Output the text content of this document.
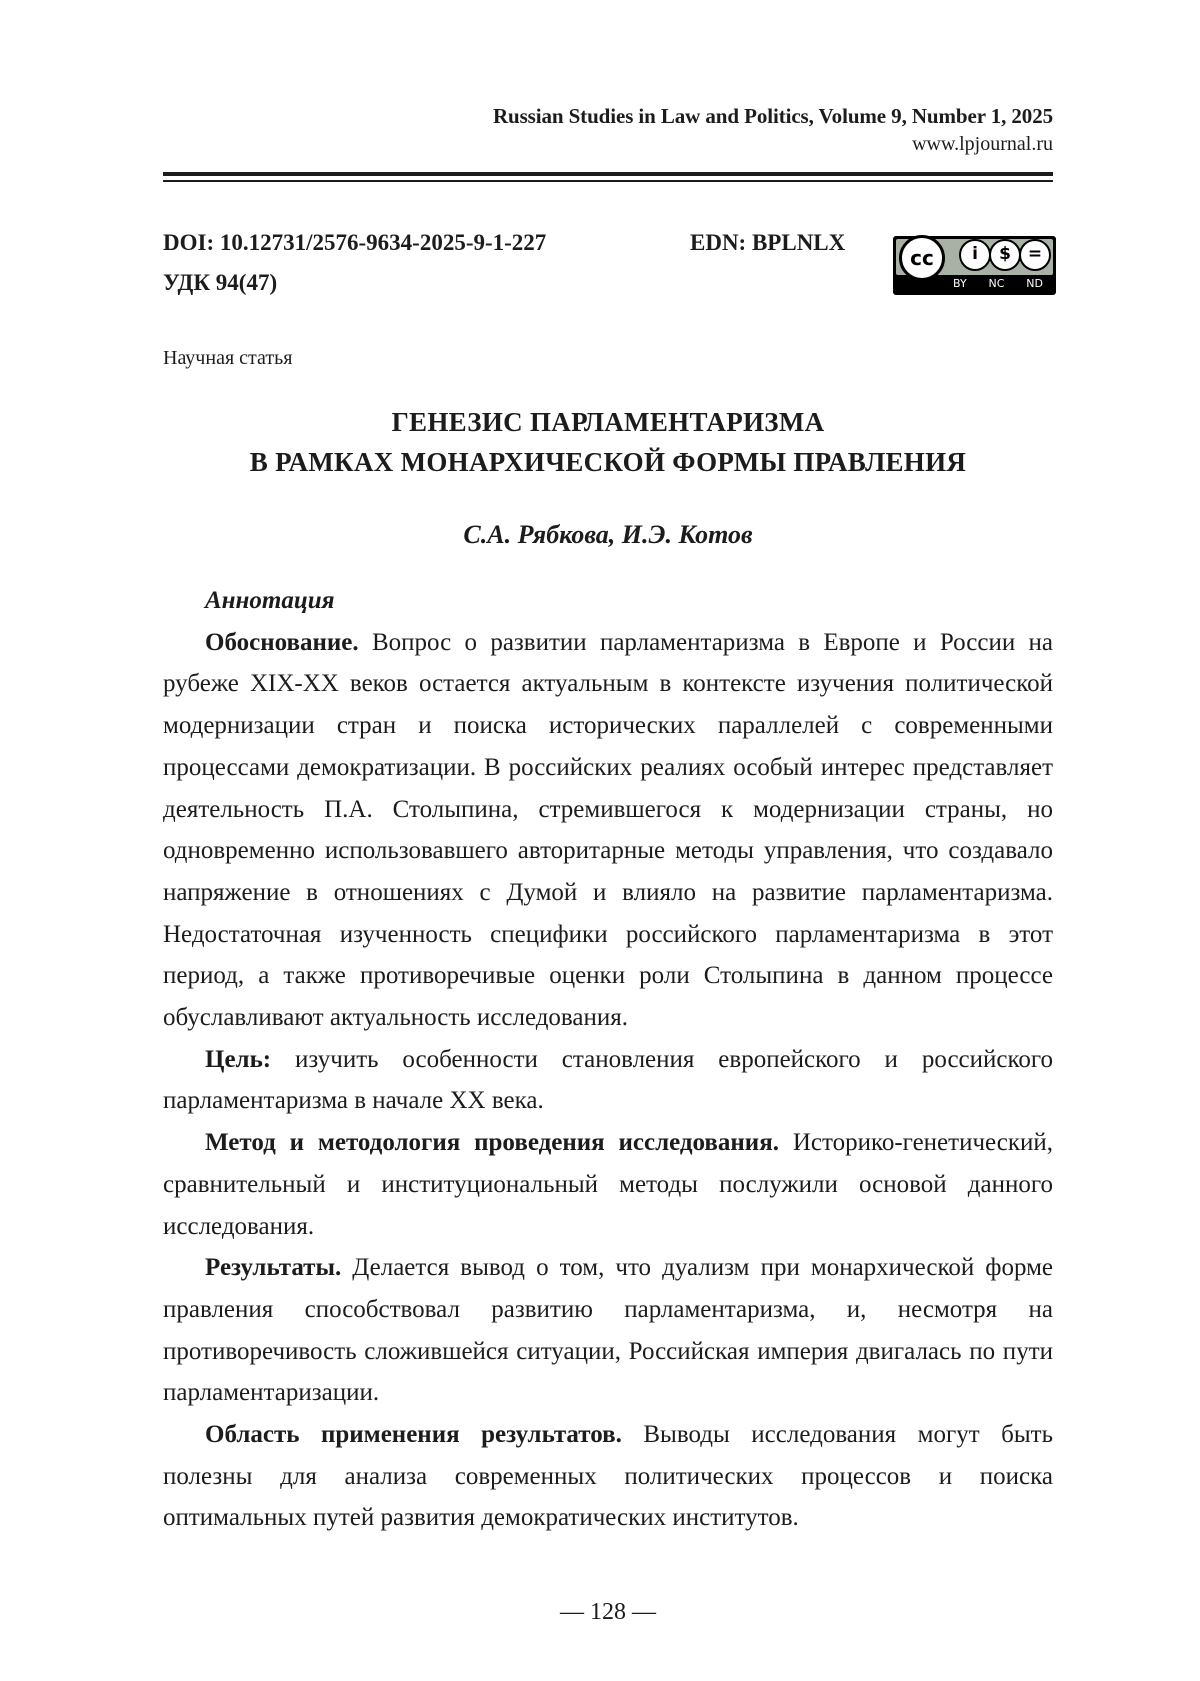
Russian Studies in Law and Politics, Volume 9, Number 1, 2025
www.lpjournal.ru
DOI: 10.12731/2576-9634-2025-9-1-227
УДК 94(47)
EDN: BPLNLX
cc	i	$ =
BY NC ND
Научная статья
ГЕНЕЗИС ПАРЛАМЕНТАРИЗМА
В РАМКАХ МОНАРХИЧЕСКОЙ ФОРМЫ ПРАВЛЕНИЯ
С.А. Рябкова, И.Э. Котов
Аннотация

Обоснование. Вопрос о развитии парламентаризма в Европе и России на рубеже XIX-XX веков остается актуальным в контексте изучения политической модернизации стран и поиска исторических параллелей с современными процессами демократизации. В российских реалиях особый интерес представляет деятельность П.А. Столыпина, стремившегося к модернизации страны, но одновременно использовавшего авторитарные методы управления, что создавало напряжение в отношениях с Думой и влияло на развитие парламентаризма. Недостаточная изученность специфики российского парламентаризма в этот период, а также противоречивые оценки роли Столыпина в данном процессе обуславливают актуальность исследования.

Цель: изучить особенности становления европейского и российского парламентаризма в начале XX века.

Метод и методология проведения исследования. Историко-генетический, сравнительный и институциональный методы послужили основой данного исследования.

Результаты. Делается вывод о том, что дуализм при монархической форме правления способствовал развитию парламентаризма, и, несмотря на противоречивость сложившейся ситуации, Российская империя двигалась по пути парламентаризации.

Область применения результатов. Выводы исследования могут быть полезны для анализа современных политических процессов и поиска оптимальных путей развития демократических институтов.

— 128 —
